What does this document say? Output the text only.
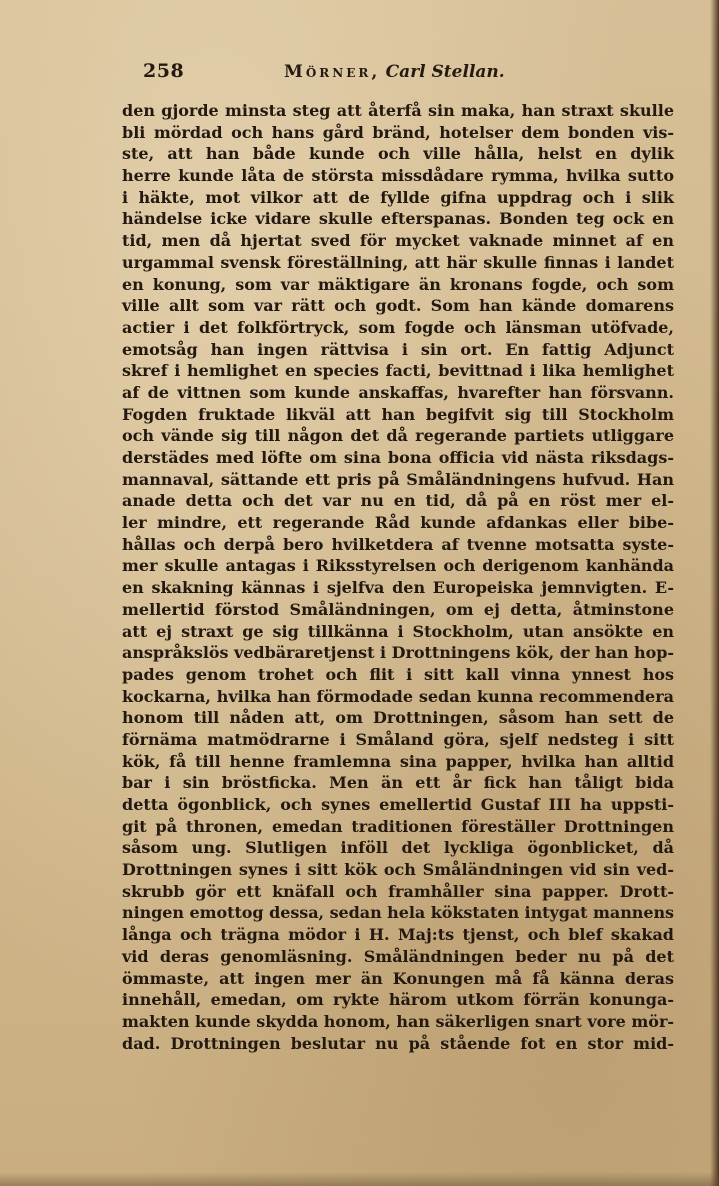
258	Mörner, Carl Stellan.
den gjorde minsta steg att återfå sin maka, han straxt skulle
bli mördad och hans gård bränd, hotelser dem bonden vis-
ste, att han både kunde och ville hålla, helst en dylik
herre kunde låta de största missdådare rymma, hvilka sutto
i häkte, mot vilkor att de fyllde gifna uppdrag och i slik
händelse icke vidare skulle efterspanas. Bonden teg ock en
tid, men då hjertat sved för mycket vaknade minnet af en
urgammal svensk föreställning, att här skulle finnas i landet
en konung, som var mäktigare än kronans fogde, och som
ville allt som var rätt och godt. Som han kände domarens
actier i det folkförtryck, som fogde och länsman utöfvade,
emotsåg han ingen rättvisa i sin ort. En fattig Adjunct
skref i hemlighet en species facti, bevittnad i lika hemlighet
af de vittnen som kunde anskaffas, hvarefter han försvann.
Fogden fruktade likväl att han begifvit sig till Stockholm
och vände sig till någon det då regerande partiets utliggare
derstädes med löfte om sina bona officia vid nästa riksdags-
mannaval, sättande ett pris på Småländningens hufvud. Han
anade detta och det var nu en tid, då på en röst mer el-
ler mindre, ett regerande Råd kunde afdankas eller bibe-
hållas och derpå bero hvilketdera af tvenne motsatta syste-
mer skulle antagas i Riksstyrelsen och derigenom kanhända
en skakning kännas i sjelfva den Europeiska jemnvigten. E-
mellertid förstod Småländningen, om ej detta, åtminstone
att ej straxt ge sig tillkänna i Stockholm, utan ansökte en
anspråkslös vedbäraretjenst i Drottningens kök, der han hop-
pades genom trohet och flit i sitt kall vinna ynnest hos
kockarna, hvilka han förmodade sedan kunna recommendera
honom till nåden att, om Drottningen, såsom han sett de
förnäma matmödrarne i Småland göra, sjelf nedsteg i sitt
kök, få till henne framlemna sina papper, hvilka han alltid
bar i sin bröstficka. Men än ett år fick han tåligt bida
detta ögonblick, och synes emellertid Gustaf III ha uppsti-
git på thronen, emedan traditionen föreställer Drottningen
såsom ung. Slutligen inföll det lyckliga ögonblicket, då
Drottningen synes i sitt kök och Småländningen vid sin ved-
skrubb gör ett knäfall och framhåller sina papper. Drott-
ningen emottog dessa, sedan hela kökstaten intygat mannens
långa och trägna mödor i H. Maj:ts tjenst, och blef skakad
vid deras genomläsning. Småländningen beder nu på det
ömmaste, att ingen mer än Konungen må få känna deras
innehåll, emedan, om rykte härom utkom förrän konunga-
makten kunde skydda honom, han säkerligen snart vore mör-
dad. Drottningen beslutar nu på stående fot en stor mid-
